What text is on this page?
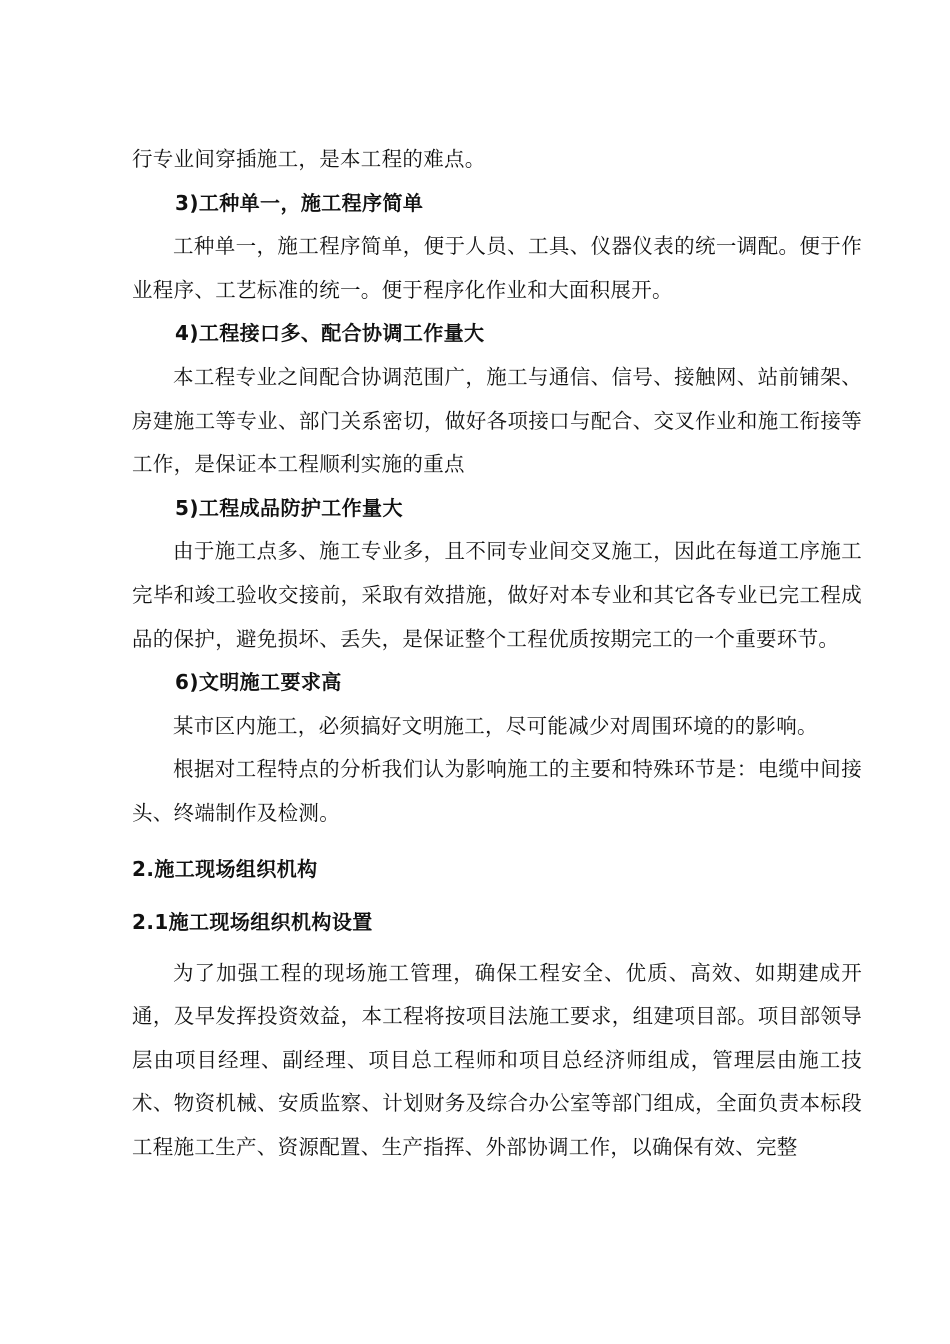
行专业间穿插施工，是本工程的难点。

3)工种单一，施工程序简单

工种单一，施工程序简单，便于人员、工具、仪器仪表的统一调配。便于作业程序、工艺标准的统一。便于程序化作业和大面积展开。

4)工程接口多、配合协调工作量大

本工程专业之间配合协调范围广，施工与通信、信号、接触网、站前铺架、房建施工等专业、部门关系密切，做好各项接口与配合、交叉作业和施工衔接等工作，是保证本工程顺利实施的重点

5)工程成品防护工作量大

由于施工点多、施工专业多，且不同专业间交叉施工，因此在每道工序施工完毕和竣工验收交接前，采取有效措施，做好对本专业和其它各专业已完工程成品的保护，避免损坏、丢失，是保证整个工程优质按期完工的一个重要环节。

6)文明施工要求高

某市区内施工，必须搞好文明施工，尽可能减少对周围环境的的影响。

根据对工程特点的分析我们认为影响施工的主要和特殊环节是：电缆中间接头、终端制作及检测。

2.施工现场组织机构
2.1施工现场组织机构设置

为了加强工程的现场施工管理，确保工程安全、优质、高效、如期建成开通，及早发挥投资效益，本工程将按项目法施工要求，组建项目部。项目部领导层由项目经理、副经理、项目总工程师和项目总经济师组成，管理层由施工技术、物资机械、安质监察、计划财务及综合办公室等部门组成，全面负责本标段工程施工生产、资源配置、生产指挥、外部协调工作，以确保有效、完整
